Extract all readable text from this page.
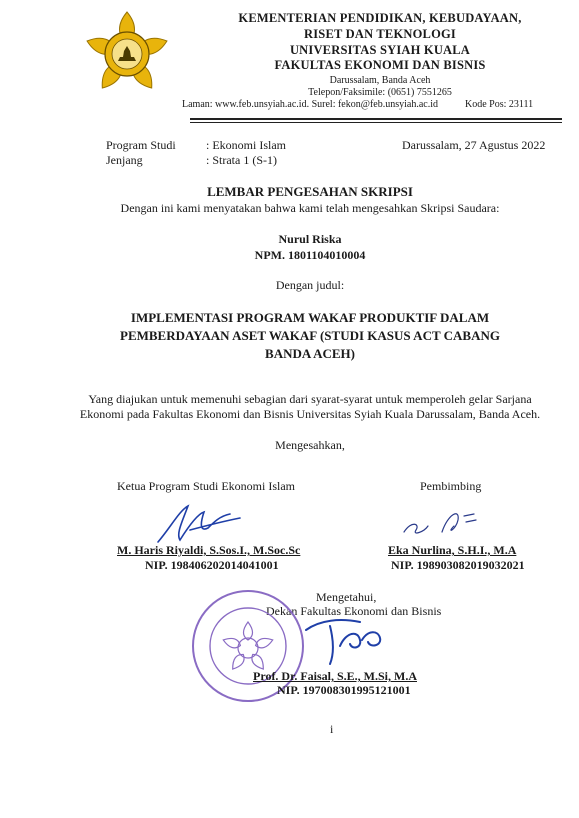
KEMENTERIAN PENDIDIKAN, KEBUDAYAAN,
RISET DAN TEKNOLOGI
UNIVERSITAS SYIAH KUALA
FAKULTAS EKONOMI DAN BISNIS
Darussalam, Banda Aceh
Telepon/Faksimile: (0651) 7551265
Laman: www.feb.unsyiah.ac.id. Surel: fekon@feb.unsyiah.ac.id	Kode Pos: 23111
Program Studi	: Ekonomi Islam
Jenjang	: Strata 1 (S-1)
Darussalam, 27 Agustus 2022
LEMBAR PENGESAHAN SKRIPSI
Dengan ini kami menyatakan bahwa kami telah mengesahkan Skripsi Saudara:
Nurul Riska
NPM. 1801104010004
Dengan judul:
IMPLEMENTASI PROGRAM WAKAF PRODUKTIF DALAM
PEMBERDAYAAN ASET WAKAF (STUDI KASUS ACT CABANG
BANDA ACEH)
Yang diajukan untuk memenuhi sebagian dari syarat-syarat untuk memperoleh gelar Sarjana
Ekonomi pada Fakultas Ekonomi dan Bisnis Universitas Syiah Kuala Darussalam, Banda Aceh.
Mengesahkan,
Ketua Program Studi Ekonomi Islam	Pembimbing
M. Haris Riyaldi, S.Sos.I., M.Soc.Sc
NIP. 198406202014041001
Eka Nurlina, S.H.I., M.A
NIP. 198903082019032021
Mengetahui,
Dekan Fakultas Ekonomi dan Bisnis
Prof. Dr. Faisal, S.E., M.Si, M.A
NIP. 197008301995121001
i
